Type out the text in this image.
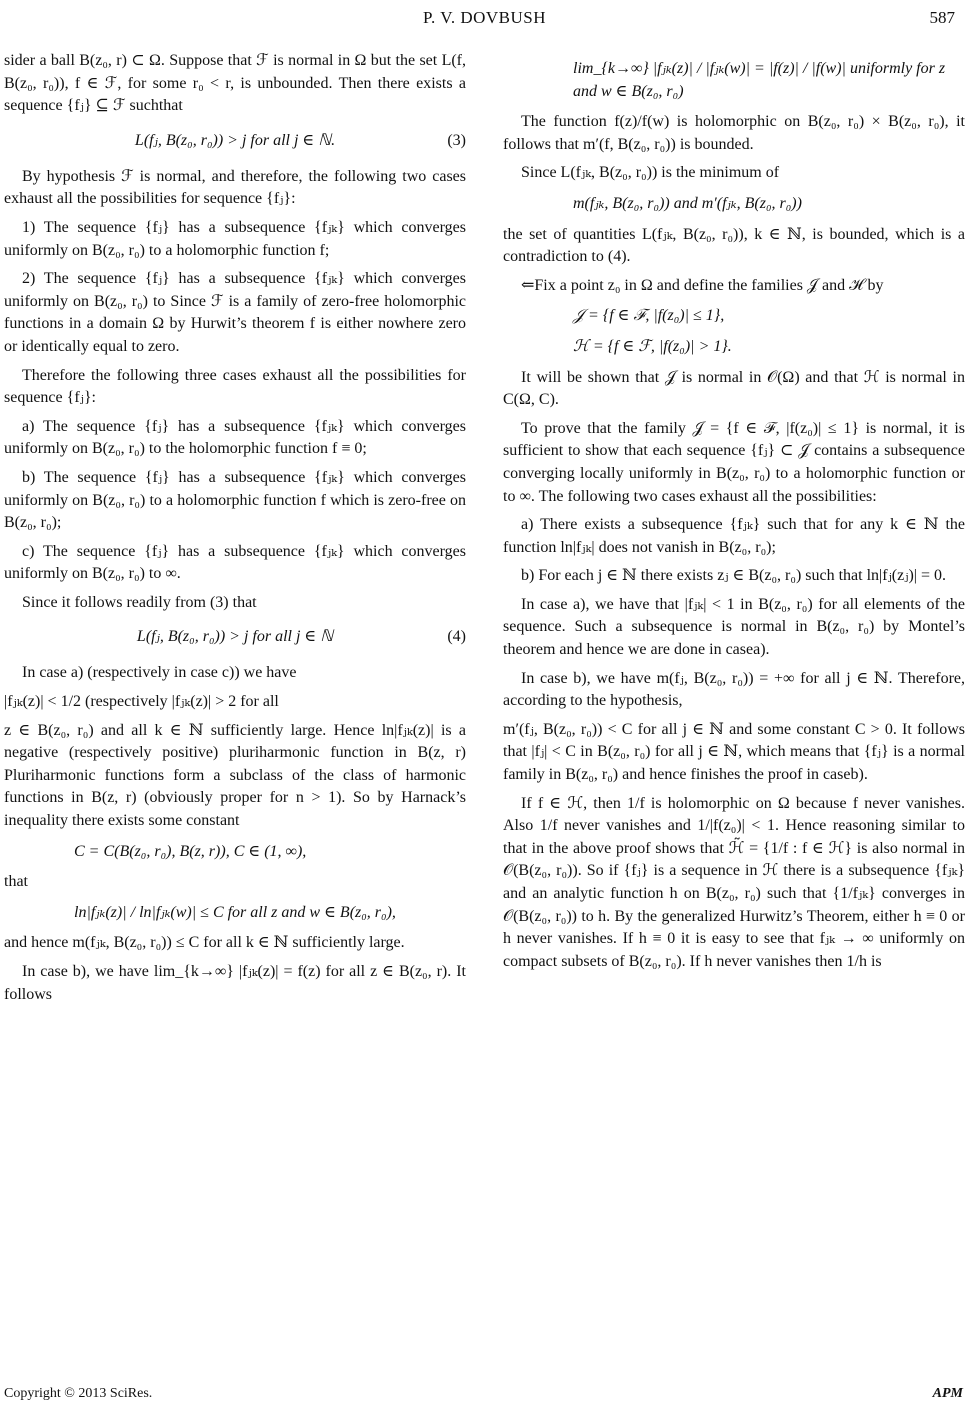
P. V. DOVBUSH	587

sider a ball B(z₀, r) ⊂ Ω. Suppose that ℱ is normal in Ω but the set L(f, B(z₀, r₀)), f ∈ ℱ, for some r₀ < r, is unbounded. Then there exists a sequence {fⱼ} ⊆ ℱ suchthat

L(fⱼ, B(z₀, r₀)) > j for all j ∈ ℕ.	(3)

By hypothesis ℱ is normal, and therefore, the following two cases exhaust all the possibilities for sequence {fⱼ}:

1) The sequence {fⱼ} has a subsequence {fⱼₖ} which converges uniformly on B(z₀, r₀) to a holomorphic function f;

2) The sequence {fⱼ} has a subsequence {fⱼₖ} which converges uniformly on B(z₀, r₀) to Since ℱ is a family of zero-free holomorphic functions in a domain Ω by Hurwit’s theorem f is either nowhere zero or identically equal to zero.

Therefore the following three cases exhaust all the possibilities for sequence {fⱼ}:

a) The sequence {fⱼ} has a subsequence {fⱼₖ} which converges uniformly on B(z₀, r₀) to the holomorphic function f ≡ 0;

b) The sequence {fⱼ} has a subsequence {fⱼₖ} which converges uniformly on B(z₀, r₀) to a holomorphic function f which is zero-free on B(z₀, r₀);

c) The sequence {fⱼ} has a subsequence {fⱼₖ} which converges uniformly on B(z₀, r₀) to ∞.

Since it follows readily from (3) that

L(fⱼ, B(z₀, r₀)) > j for all j ∈ ℕ	(4)

In case a) (respectively in case c)) we have

|fⱼₖ(z)| < 1/2 (respectively |fⱼₖ(z)| > 2 for all

z ∈ B(z₀, r₀) and all k ∈ ℕ sufficiently large. Hence ln|fⱼₖ(z)| is a negative (respectively positive) pluriharmonic function in B(z, r) Pluriharmonic functions form a subclass of the class of harmonic functions in B(z, r) (obviously proper for n > 1). So by Harnack’s inequality there exists some constant

C = C(B(z₀, r₀), B(z, r)), C ∈ (1, ∞),

that

ln|fⱼₖ(z)| / ln|fⱼₖ(w)| ≤ C for all z and w ∈ B(z₀, r₀),

and hence m(fⱼₖ, B(z₀, r₀)) ≤ C for all k ∈ ℕ sufficiently large.

In case b), we have lim_{k→∞} |fⱼₖ(z)| = f(z) for all z ∈ B(z₀, r). It follows

lim_{k→∞} |fⱼₖ(z)| / |fⱼₖ(w)| = |f(z)| / |f(w)| uniformly for z and w ∈ B(z₀, r₀)

The function f(z)/f(w) is holomorphic on B(z₀, r₀) × B(z₀, r₀), it follows that m′(f, B(z₀, r₀)) is bounded.

Since L(fⱼₖ, B(z₀, r₀)) is the minimum of

m(fⱼₖ, B(z₀, r₀)) and m′(fⱼₖ, B(z₀, r₀))

the set of quantities L(fⱼₖ, B(z₀, r₀)), k ∈ ℕ, is bounded, which is a contradiction to (4).

⇐Fix a point z₀ in Ω and define the families 𝒥 and ℋ by

𝒥 = {f ∈ ℱ, |f(z₀)| ≤ 1},
ℋ = {f ∈ ℱ, |f(z₀)| > 1}.

It will be shown that 𝒥 is normal in 𝒪(Ω) and that ℋ is normal in C(Ω, C).

To prove that the family 𝒥 = {f ∈ ℱ, |f(z₀)| ≤ 1} is normal, it is sufficient to show that each sequence {fⱼ} ⊂ 𝒥 contains a subsequence converging locally uniformly in B(z₀, r₀) to a holomorphic function or to ∞. The following two cases exhaust all the possibilities:

a) There exists a subsequence {fⱼₖ} such that for any k ∈ ℕ the function ln|fⱼₖ| does not vanish in B(z₀, r₀);

b) For each j ∈ ℕ there exists zⱼ ∈ B(z₀, r₀) such that ln|fⱼ(zⱼ)| = 0.

In case a), we have that |fⱼₖ| < 1 in B(z₀, r₀) for all elements of the sequence. Such a subsequence is normal in B(z₀, r₀) by Montel’s theorem and hence we are done in casea).

In case b), we have m(fⱼ, B(z₀, r₀)) = +∞ for all j ∈ ℕ. Therefore, according to the hypothesis,

m′(fⱼ, B(z₀, r₀)) < C for all j ∈ ℕ and some constant C > 0. It follows that |fⱼ| < C in B(z₀, r₀) for all j ∈ ℕ, which means that {fⱼ} is a normal family in B(z₀, r₀) and hence finishes the proof in caseb).

If f ∈ ℋ, then 1/f is holomorphic on Ω because f never vanishes. Also 1/f never vanishes and 1/|f(z₀)| < 1. Hence reasoning similar to that in the above proof shows that ℋ̃ = {1/f : f ∈ ℋ} is also normal in 𝒪(B(z₀, r₀)). So if {fⱼ} is a sequence in ℋ there is a subsequence {fⱼₖ} and an analytic function h on B(z₀, r₀) such that {1/fⱼₖ} converges in 𝒪(B(z₀, r₀)) to h. By the generalized Hurwitz’s Theorem, either h ≡ 0 or h never vanishes. If h ≡ 0 it is easy to see that fⱼₖ → ∞ uniformly on compact subsets of B(z₀, r₀). If h never vanishes then 1/h is

Copyright © 2013 SciRes.	APM
